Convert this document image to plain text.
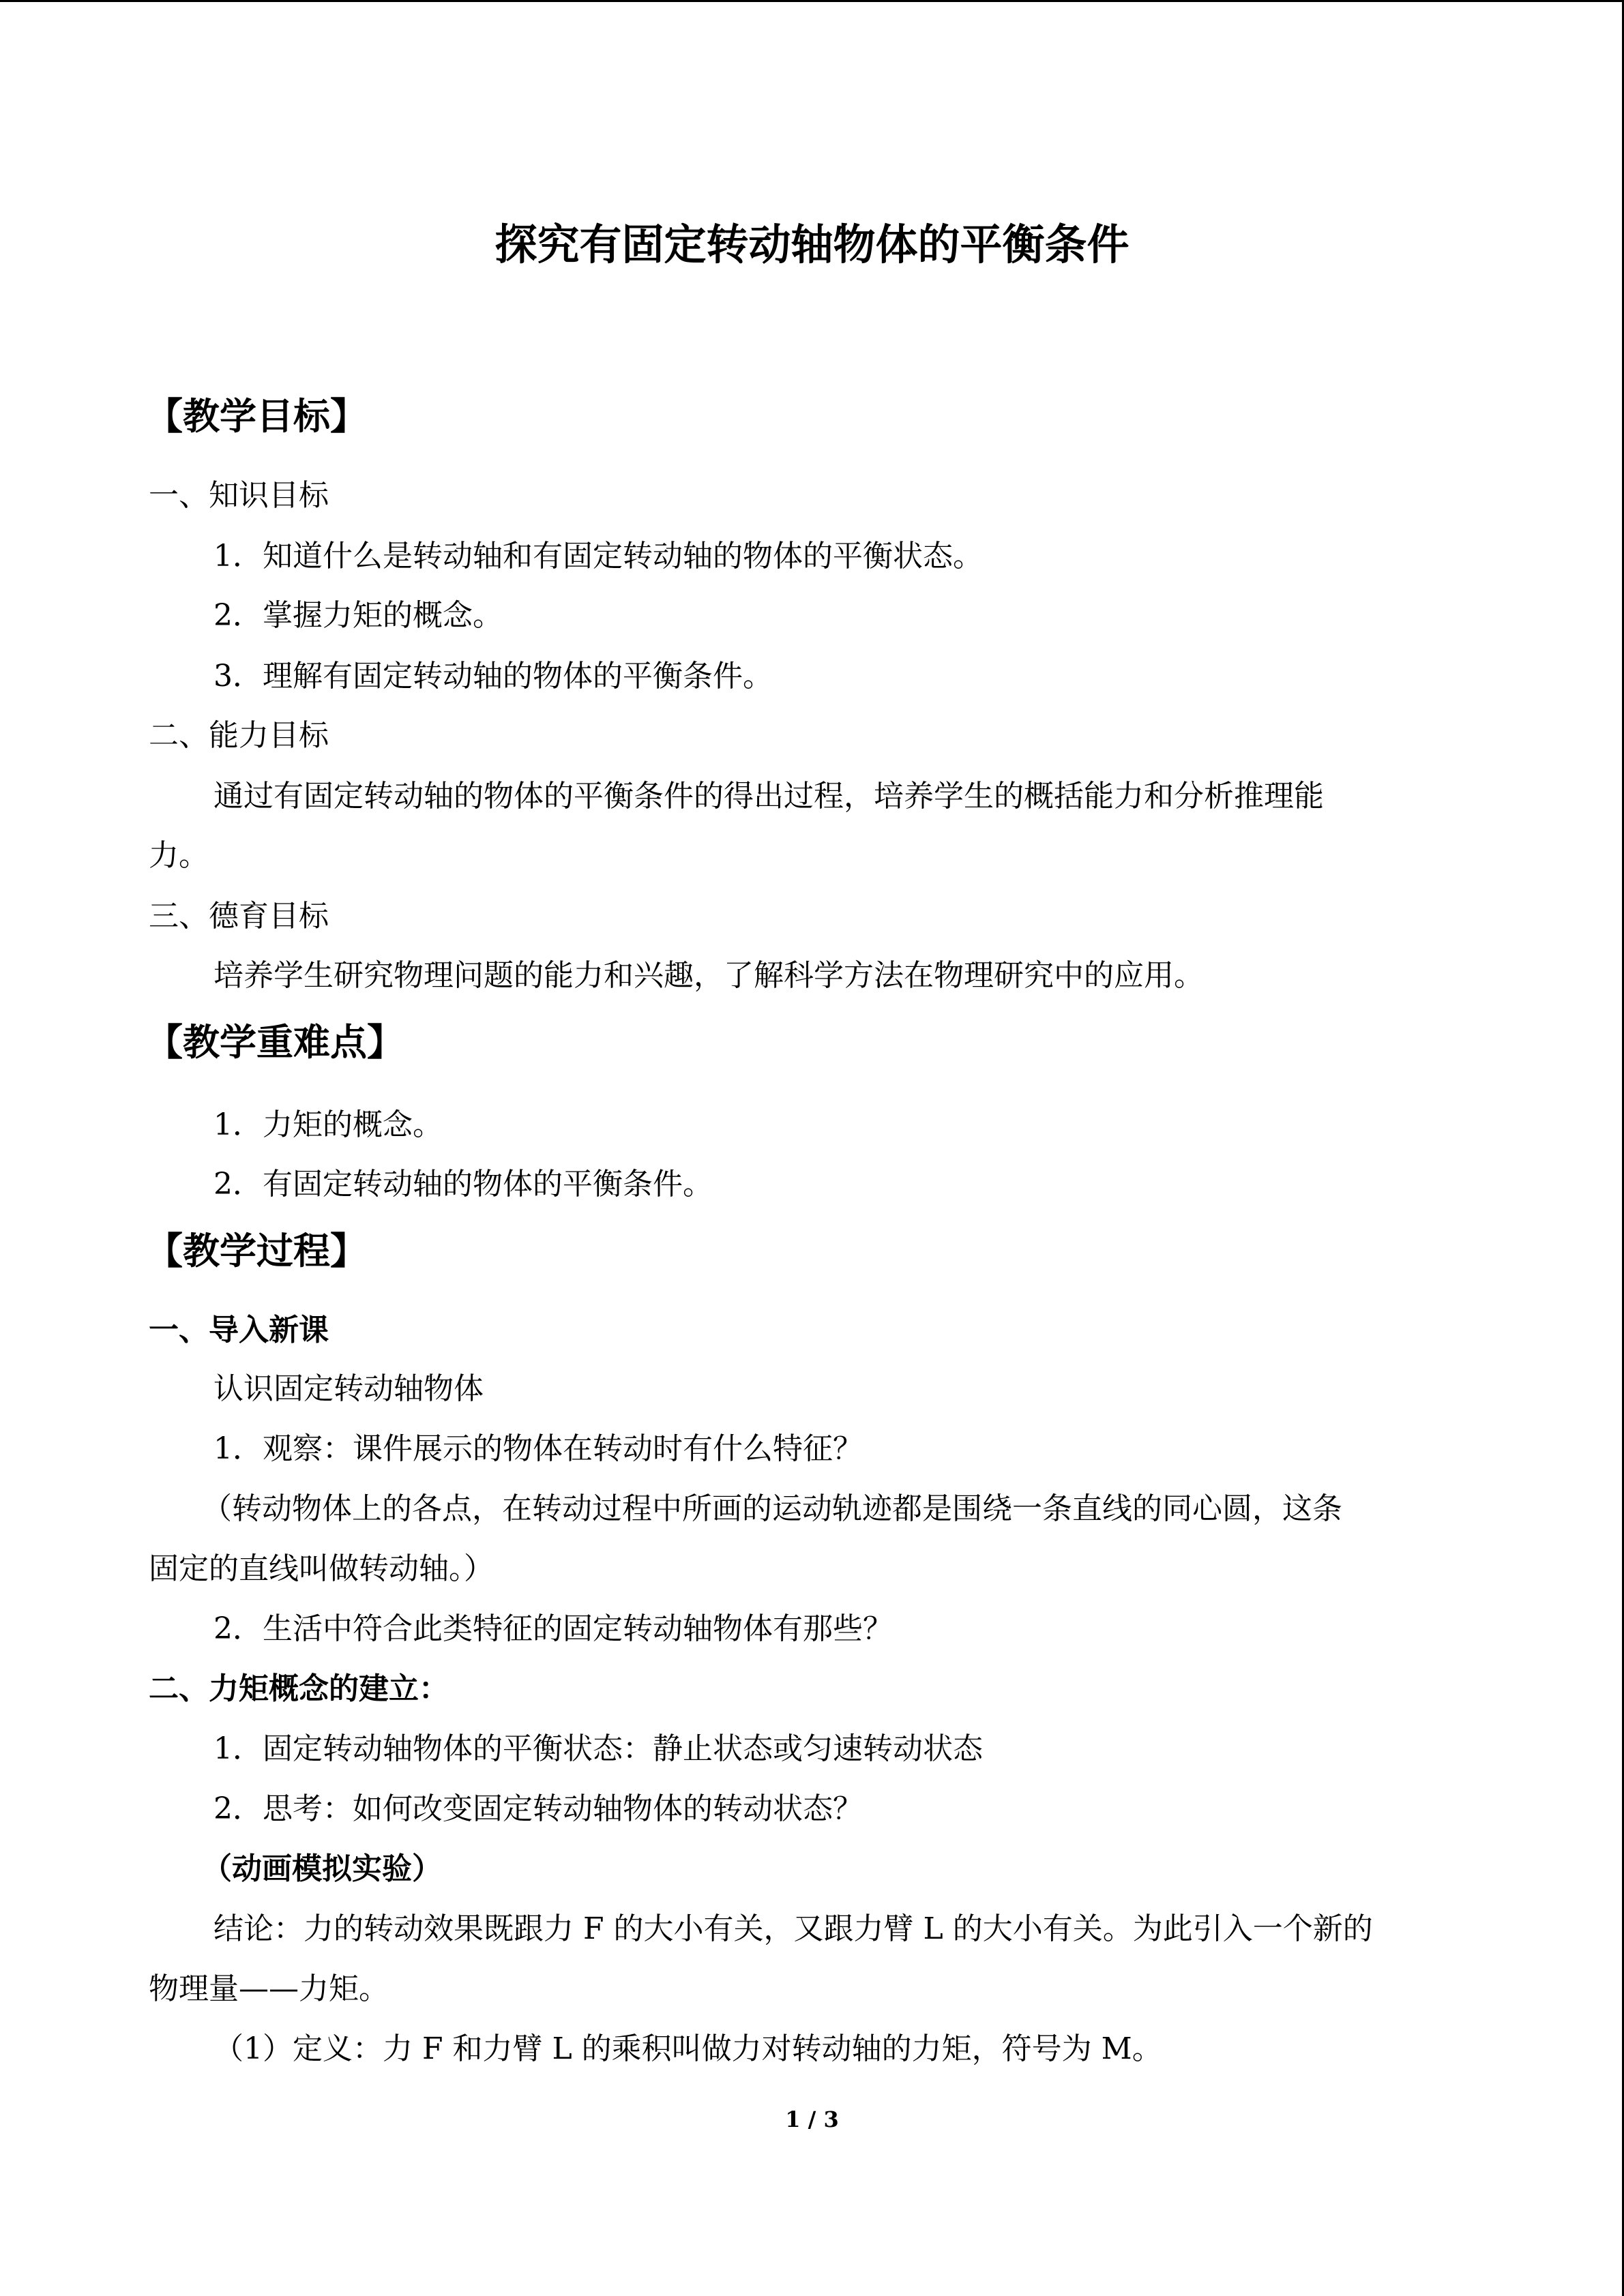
探究有固定转动轴物体的平衡条件
【教学目标】
一、知识目标
1．知道什么是转动轴和有固定转动轴的物体的平衡状态。
2．掌握力矩的概念。
3．理解有固定转动轴的物体的平衡条件。
二、能力目标
通过有固定转动轴的物体的平衡条件的得出过程，培养学生的概括能力和分析推理能
力。
三、德育目标
培养学生研究物理问题的能力和兴趣，了解科学方法在物理研究中的应用。
【教学重难点】
1．力矩的概念。
2．有固定转动轴的物体的平衡条件。
【教学过程】
一、导入新课
认识固定转动轴物体
1．观察：课件展示的物体在转动时有什么特征？
（转动物体上的各点，在转动过程中所画的运动轨迹都是围绕一条直线的同心圆，这条
固定的直线叫做转动轴。）
2．生活中符合此类特征的固定转动轴物体有那些？
二、力矩概念的建立：
1．固定转动轴物体的平衡状态：静止状态或匀速转动状态
2．思考：如何改变固定转动轴物体的转动状态？
（动画模拟实验）
结论：力的转动效果既跟力 F 的大小有关，又跟力臂 L 的大小有关。为此引入一个新的
物理量——力矩。
（1）定义：力 F 和力臂 L 的乘积叫做力对转动轴的力矩，符号为 M。
1 / 3
